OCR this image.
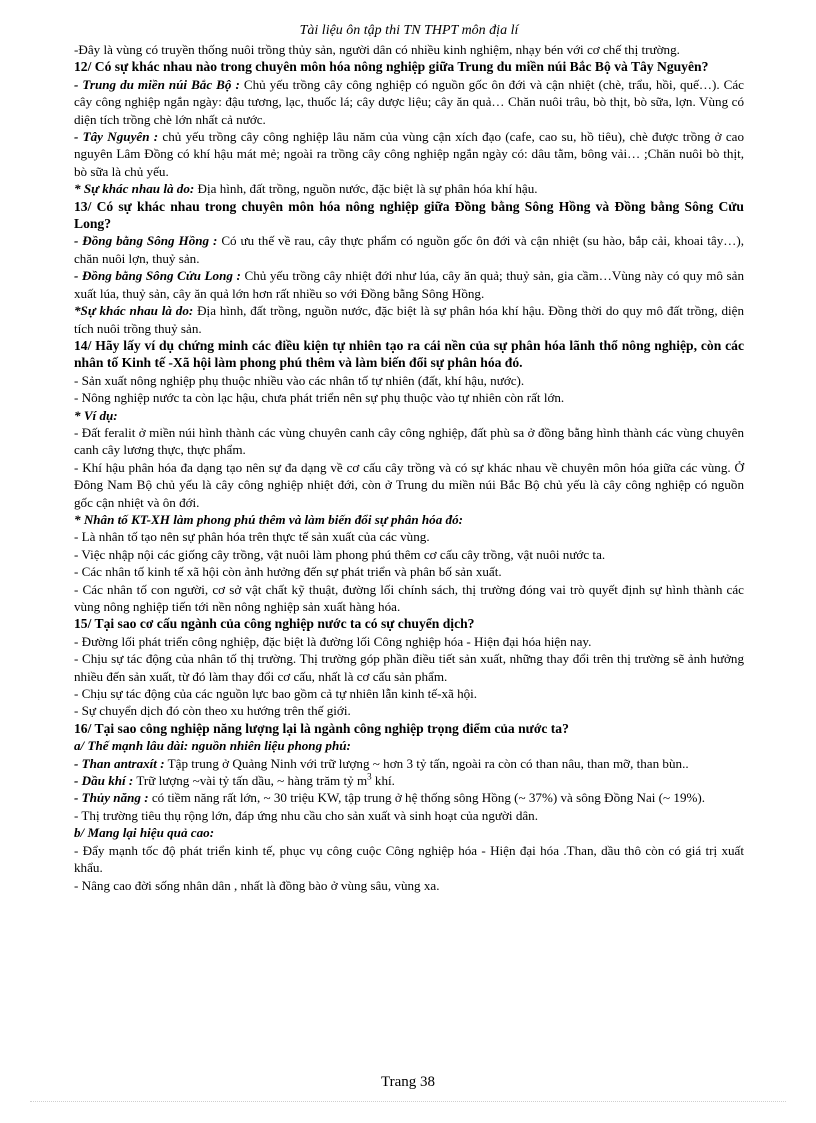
Tài liệu ôn tập thi TN THPT môn địa lí

-Đây là vùng có truyền thống nuôi trồng thủy sản, người dân có nhiều kinh nghiệm, nhạy bén với cơ chế thị trường.

12/ Có sự khác nhau nào trong chuyên môn hóa nông nghiệp giữa Trung du miền núi Bắc Bộ và Tây Nguyên?

- Trung du miền núi Bắc Bộ : Chủ yếu trồng cây công nghiệp có nguồn gốc ôn đới và cận nhiệt (chè, trẩu, hồi, quế…). Các cây công nghiệp ngắn ngày: đậu tương, lạc, thuốc lá; cây dược liệu; cây ăn quả… Chăn nuôi trâu, bò thịt, bò sữa, lợn. Vùng có diện tích trồng chè lớn nhất cả nước.

- Tây Nguyên : chủ yếu trồng cây công nghiệp lâu năm của vùng cận xích đạo (cafe, cao su, hồ tiêu), chè được trồng ở cao nguyên Lâm Đồng có khí hậu mát mẻ; ngoài ra trồng cây công nghiệp ngắn ngày có: dâu tằm, bông vải… ;Chăn nuôi bò thịt, bò sữa là chủ yếu.

* Sự khác nhau là do: Địa hình, đất trồng, nguồn nước, đặc biệt là sự phân hóa khí hậu.

13/ Có sự khác nhau trong chuyên môn hóa nông nghiệp giữa Đồng bằng Sông Hồng và Đồng bằng Sông Cửu Long?

- Đồng bằng Sông Hồng : Có ưu thế về rau, cây thực phẩm có nguồn gốc ôn đới và cận nhiệt (su hào, bắp cải, khoai tây…), chăn nuôi lợn, thuỷ sản.

- Đồng bằng Sông Cửu Long : Chủ yếu trồng cây nhiệt đới như lúa, cây ăn quả; thuỷ sản, gia cầm…Vùng này có quy mô sản xuất lúa, thuỷ sản, cây ăn quả lớn hơn rất nhiều so với Đồng bằng Sông Hồng.

*Sự khác nhau là do: Địa hình, đất trồng, nguồn nước, đặc biệt là sự phân hóa khí hậu. Đồng thời do quy mô đất trồng, diện tích nuôi trồng thuỷ sản.

14/ Hãy lấy ví dụ chứng minh các điều kiện tự nhiên tạo ra cái nền của sự phân hóa lãnh thổ nông nghiệp, còn các nhân tố Kinh tế -Xã hội làm phong phú thêm và làm biến đổi sự phân hóa đó.

- Sản xuất nông nghiệp phụ thuộc nhiều vào các nhân tố tự nhiên (đất, khí hậu, nước).

- Nông nghiệp nước ta còn lạc hậu, chưa phát triển nên sự phụ thuộc vào tự nhiên còn rất lớn.

* Ví dụ:

- Đất feralit ở miền núi hình thành các vùng chuyên canh cây công nghiệp, đất phù sa ở đồng bằng hình thành các vùng chuyên canh cây lương thực, thực phẩm.

- Khí hậu phân hóa đa dạng tạo nên sự đa dạng về cơ cấu cây trồng và có sự khác nhau về chuyên môn hóa giữa các vùng. Ở Đông Nam Bộ chủ yếu là cây công nghiệp nhiệt đới, còn ở Trung du miền núi Bắc Bộ chủ yếu là cây công nghiệp có nguồn gốc cận nhiệt và ôn đới.

* Nhân tố KT-XH làm phong phú thêm và làm biến đổi sự phân hóa đó:

- Là nhân tố tạo nên sự phân hóa trên thực tế sản xuất của các vùng.

- Việc nhập nội các giống cây trồng, vật nuôi làm phong phú thêm cơ cấu cây trồng, vật nuôi nước ta.

- Các nhân tố kinh tế xã hội còn ảnh hưởng đến sự phát triển và phân bố sản xuất.

- Các nhân tố con người, cơ sở vật chất kỹ thuật, đường lối chính sách, thị trường đóng vai trò quyết định sự hình thành các vùng nông nghiệp tiến tới nền nông nghiệp sản xuất hàng hóa.

15/ Tại sao cơ cấu ngành của công nghiệp nước ta có sự chuyển dịch?

- Đường lối phát triển công nghiệp, đặc biệt là đường lối Công nghiệp hóa - Hiện đại hóa hiện nay.

- Chịu sự tác động của nhân tố thị trường. Thị trường góp phần điều tiết sản xuất, những thay đổi trên thị trường sẽ ảnh hưởng nhiều đến sản xuất, từ đó làm thay đổi cơ cấu, nhất là cơ cấu sản phẩm.

- Chịu sự tác động của các nguồn lực bao gồm cả tự nhiên lẫn kinh tế-xã hội.

- Sự chuyển dịch đó còn theo xu hướng trên thế giới.

16/ Tại sao công nghiệp năng lượng lại là ngành công nghiệp trọng điểm của nước ta?

a/ Thế mạnh lâu dài: nguồn nhiên liệu phong phú:

- Than antraxít : Tập trung ở Quảng Ninh với trữ lượng ~ hơn 3 tỷ tấn, ngoài ra còn có than nâu, than mỡ, than bùn..

- Dầu khí : Trữ lượng ~vài tỷ tấn dầu, ~ hàng trăm tỷ $m^3$ khí.

- Thủy năng : có tiềm năng rất lớn, ~ 30 triệu KW, tập trung ở hệ thống sông Hồng (~ 37%) và sông Đồng Nai (~ 19%).

- Thị trường tiêu thụ rộng lớn, đáp ứng nhu cầu cho sản xuất và sinh hoạt của người dân.

b/ Mang lại hiệu quả cao:

- Đẩy mạnh tốc độ phát triển kinh tế, phục vụ công cuộc Công nghiệp hóa - Hiện đại hóa .Than, dầu thô còn có giá trị xuất khẩu.

- Nâng cao đời sống nhân dân , nhất là đồng bào ở vùng sâu, vùng xa.

Trang 38
